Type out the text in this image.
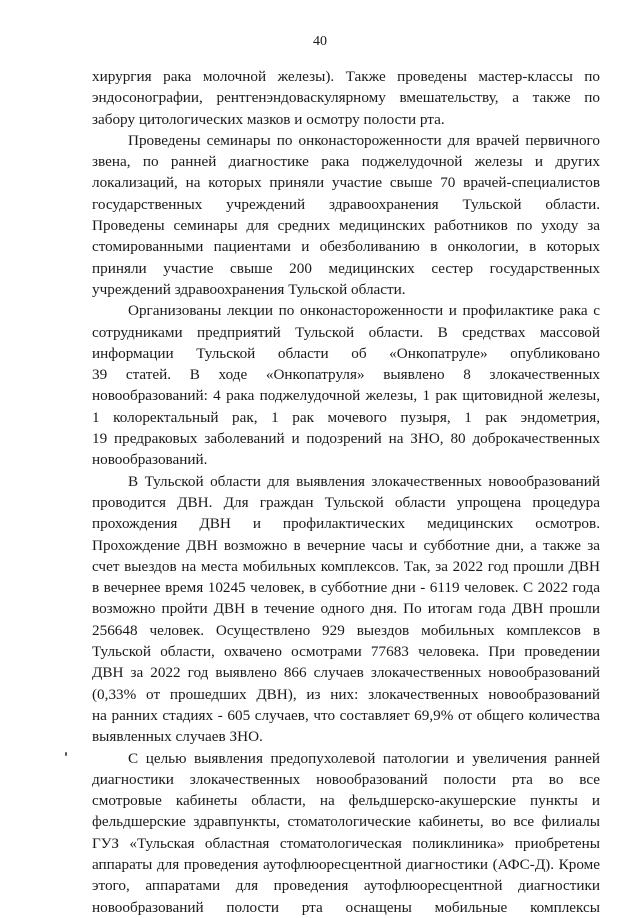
40
хирургия рака молочной железы). Также проведены мастер-классы по
эндосонографии, рентгенэндоваскулярному вмешательству, а также по
забору цитологических мазков и осмотру полости рта.
Проведены семинары по онконастороженности для врачей первичного
звена, по ранней диагностике рака поджелудочной железы и других
локализаций, на которых приняли участие свыше 70 врачей-специалистов
государственных учреждений здравоохранения Тульской области.
Проведены семинары для средних медицинских работников по уходу за
стомированными пациентами и обезболиванию в онкологии, в которых
приняли участие свыше 200 медицинских сестер государственных
учреждений здравоохранения Тульской области.
Организованы лекции по онконастороженности и профилактике рака с
сотрудниками предприятий Тульской области. В средствах массовой
информации Тульской области об «Онкопатруле» опубликовано
39 статей. В ходе «Онкопатруля» выявлено 8 злокачественных
новообразований: 4 рака поджелудочной железы, 1 рак щитовидной железы,
1 колоректальный рак, 1 рак мочевого пузыря, 1 рак эндометрия,
19 предраковых заболеваний и подозрений на ЗНО, 80 доброкачественных
новообразований.
В Тульской области для выявления злокачественных новообразований
проводится ДВН. Для граждан Тульской области упрощена процедура
прохождения ДВН и профилактических медицинских осмотров.
Прохождение ДВН возможно в вечерние часы и субботние дни, а также за
счет выездов на места мобильных комплексов. Так, за 2022 год прошли ДВН
в вечернее время 10245 человек, в субботние дни - 6119 человек. С 2022 года
возможно пройти ДВН в течение одного дня. По итогам года ДВН прошли
256648 человек. Осуществлено 929 выездов мобильных комплексов в
Тульской области, охвачено осмотрами 77683 человека. При проведении
ДВН за 2022 год выявлено 866 случаев злокачественных новообразований
(0,33% от прошедших ДВН), из них: злокачественных новообразований
на ранних стадиях - 605 случаев, что составляет 69,9% от общего количества
выявленных случаев ЗНО.
С целью выявления предопухолевой патологии и увеличения ранней
диагностики злокачественных новообразований полости рта во все
смотровые кабинеты области, на фельдшерско-акушерские пункты и
фельдшерские здравпункты, стоматологические кабинеты, во все филиалы
ГУЗ «Тульская областная стоматологическая поликлиника» приобретены
аппараты для проведения аутофлюоресцентной диагностики (АФС-Д). Кроме
этого, аппаратами для проведения аутофлюоресцентной диагностики
новообразований полости рта оснащены мобильные комплексы
